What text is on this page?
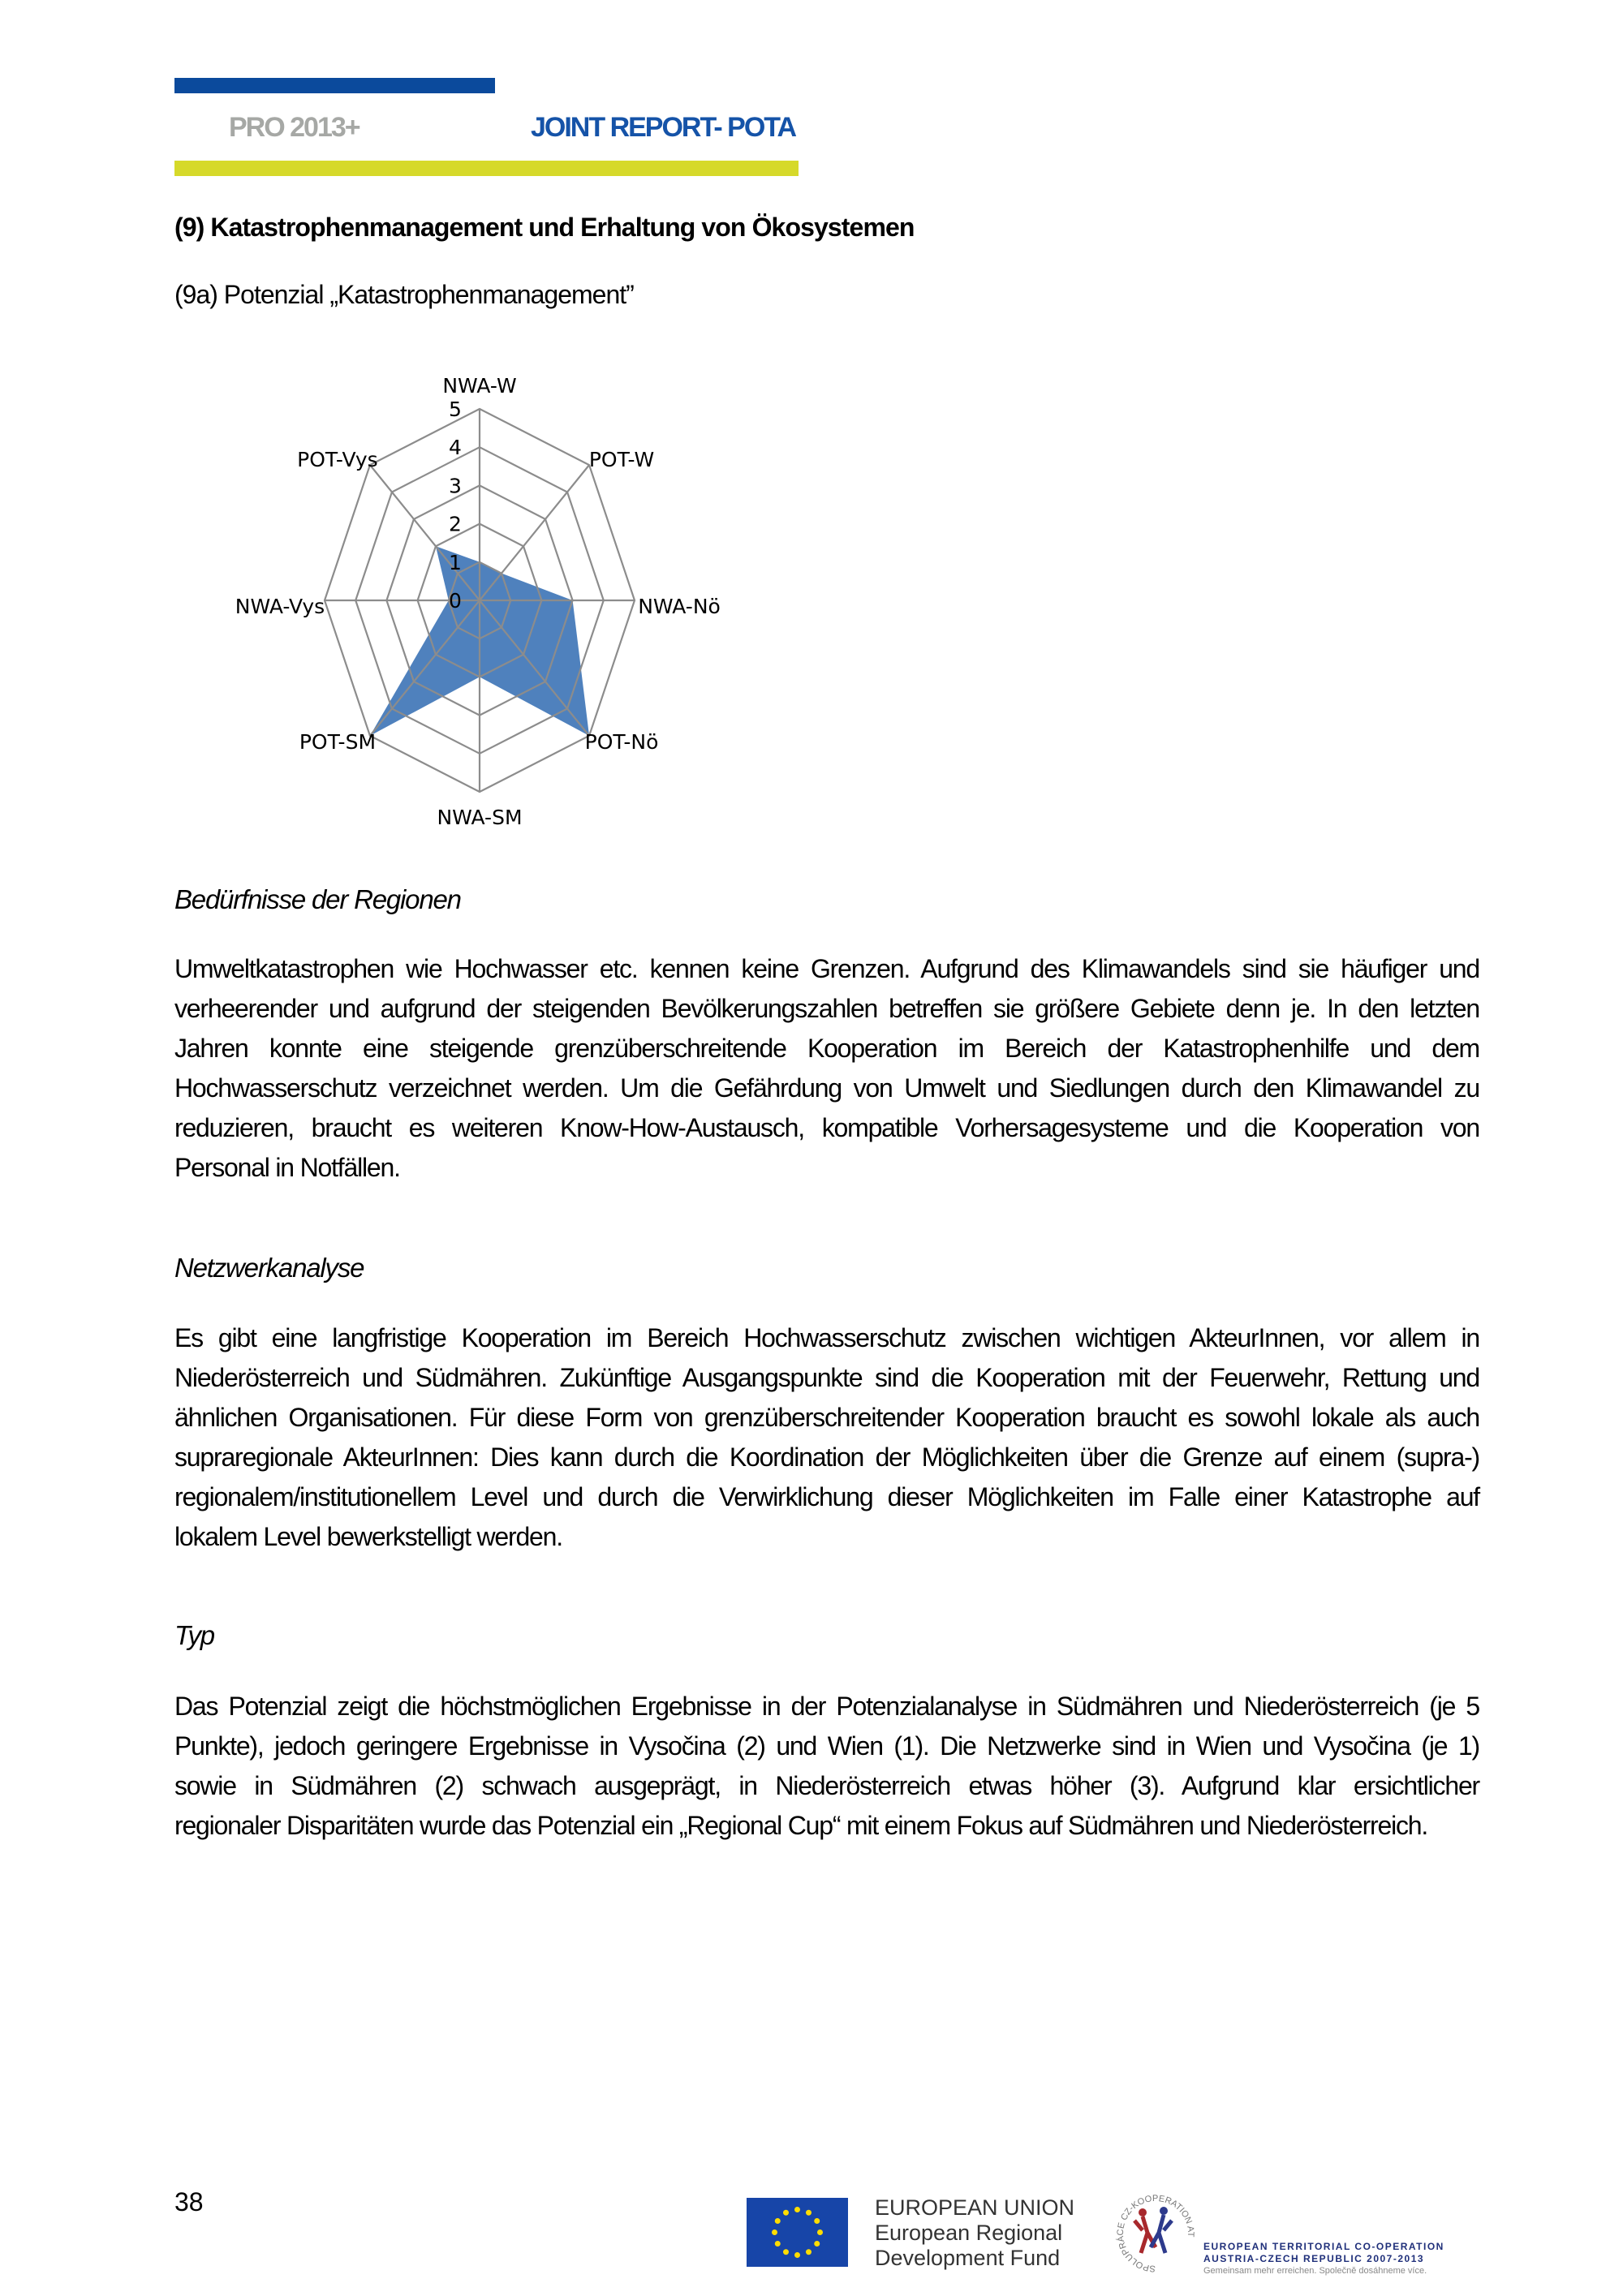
PRO 2013+	JOINT REPORT- POTA
(9) Katastrophenmanagement und Erhaltung von Ökosystemen
(9a) Potenzial „Katastrophenmanagement”
NWA-W
POT-W
NWA-Nö
POT-Nö
NWA-SM
POT-SM
NWA-Vys
POT-Vys
0
1
2
3
4
5
Bedürfnisse der Regionen
Umweltkatastrophen wie Hochwasser etc. kennen keine Grenzen. Aufgrund des Klimawandels sind sie häufiger und
verheerender und aufgrund der steigenden Bevölkerungszahlen betreffen sie größere Gebiete denn je. In den letzten
Jahren konnte eine steigende grenzüberschreitende Kooperation im Bereich der Katastrophenhilfe und dem
Hochwasserschutz verzeichnet werden. Um die Gefährdung von Umwelt und Siedlungen durch den Klimawandel zu
reduzieren, braucht es weiteren Know-How-Austausch, kompatible Vorhersagesysteme und die Kooperation von
Personal in Notfällen.
Netzwerkanalyse
Es gibt eine langfristige Kooperation im Bereich Hochwasserschutz zwischen wichtigen AkteurInnen, vor allem in
Niederösterreich und Südmähren. Zukünftige Ausgangspunkte sind die Kooperation mit der Feuerwehr, Rettung und
ähnlichen Organisationen. Für diese Form von grenzüberschreitender Kooperation braucht es sowohl lokale als auch
supraregionale AkteurInnen: Dies kann durch die Koordination der Möglichkeiten über die Grenze auf einem (supra-)
regionalem/institutionellem Level und durch die Verwirklichung dieser Möglichkeiten im Falle einer Katastrophe auf
lokalem Level bewerkstelligt werden.
Typ
Das Potenzial zeigt die höchstmöglichen Ergebnisse in der Potenzialanalyse in Südmähren und Niederösterreich (je 5
Punkte), jedoch geringere Ergebnisse in Vysočina (2) und Wien (1). Die Netzwerke sind in Wien und Vysočina (je 1)
sowie in Südmähren (2) schwach ausgeprägt, in Niederösterreich etwas höher (3). Aufgrund klar ersichtlicher
regionaler Disparitäten wurde das Potenzial ein „Regional Cup“ mit einem Fokus auf Südmähren und Niederösterreich.
38	EUROPEAN UNION
European Regional
Development Fund	SPOLUPRÁCE CZ-KOOPERATION AT
EUROPEAN TERRITORIAL CO-OPERATION
AUSTRIA-CZECH REPUBLIC 2007-2013
Gemeinsam mehr erreichen. Společně dosáhneme více.
